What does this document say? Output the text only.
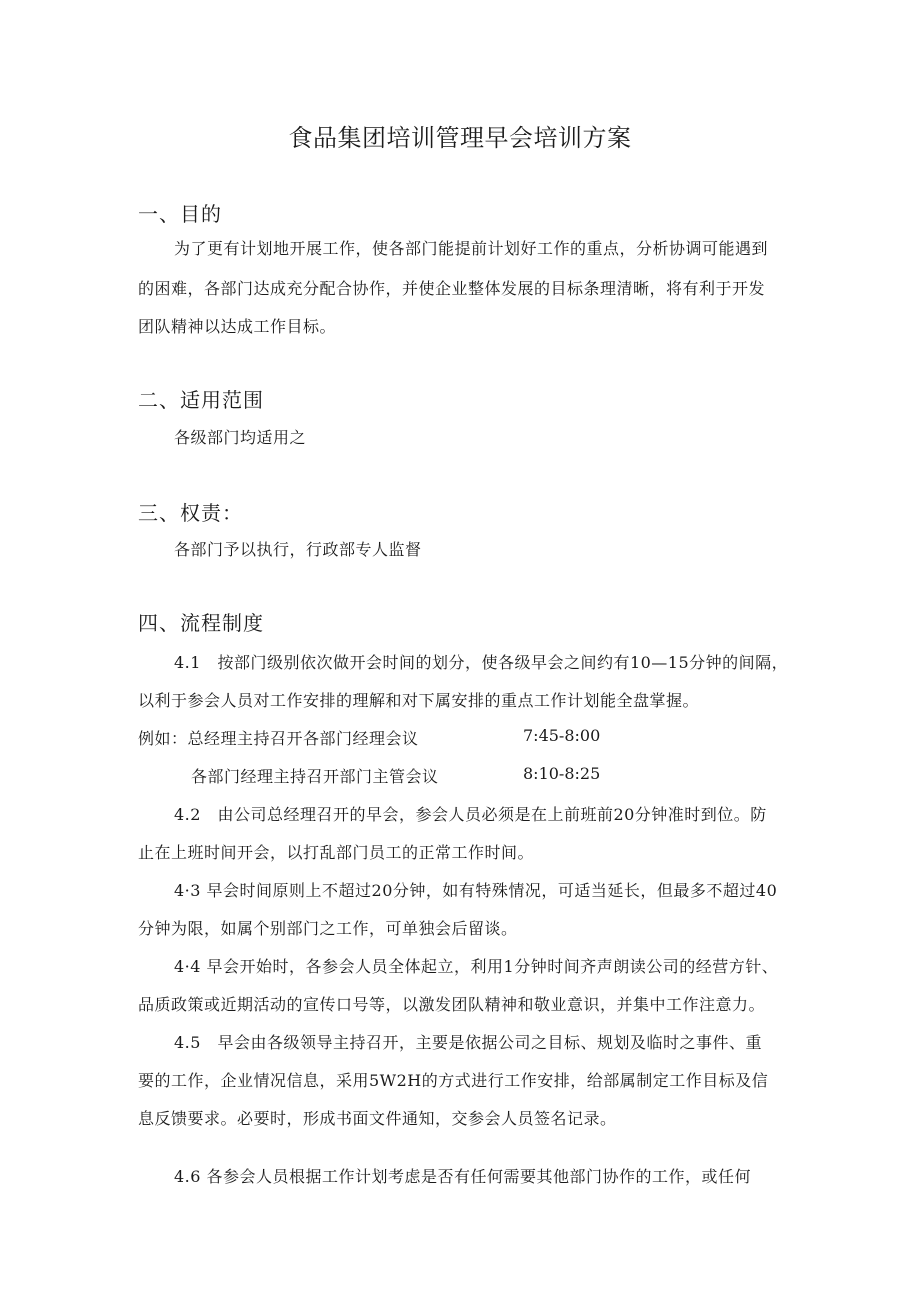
食品集团培训管理早会培训方案
一、目的
为了更有计划地开展工作，使各部门能提前计划好工作的重点，分析协调可能遇到
的困难，各部门达成充分配合协作，并使企业整体发展的目标条理清晰，将有利于开发
团队精神以达成工作目标。
二、适用范围
各级部门均适用之
三、权责：
各部门予以执行，行政部专人监督
四、流程制度
4.1　按部门级别依次做开会时间的划分，使各级早会之间约有10—15分钟的间隔，
以利于参会人员对工作安排的理解和对下属安排的重点工作计划能全盘掌握。
例如：总经理主持召开各部门经理会议	7:45-8:00
各部门经理主持召开部门主管会议	8:10-8:25
4.2　由公司总经理召开的早会，参会人员必须是在上前班前20分钟准时到位。防
止在上班时间开会，以打乱部门员工的正常工作时间。
4·3 早会时间原则上不超过20分钟，如有特殊情况，可适当延长，但最多不超过40
分钟为限，如属个别部门之工作，可单独会后留谈。
4·4 早会开始时，各参会人员全体起立，利用1分钟时间齐声朗读公司的经营方针、
品质政策或近期活动的宣传口号等，以激发团队精神和敬业意识，并集中工作注意力。
4.5　早会由各级领导主持召开，主要是依据公司之目标、规划及临时之事件、重
要的工作，企业情况信息，采用5W2H的方式进行工作安排，给部属制定工作目标及信
息反馈要求。必要时，形成书面文件通知，交参会人员签名记录。
4.6 各参会人员根据工作计划考虑是否有任何需要其他部门协作的工作，或任何
